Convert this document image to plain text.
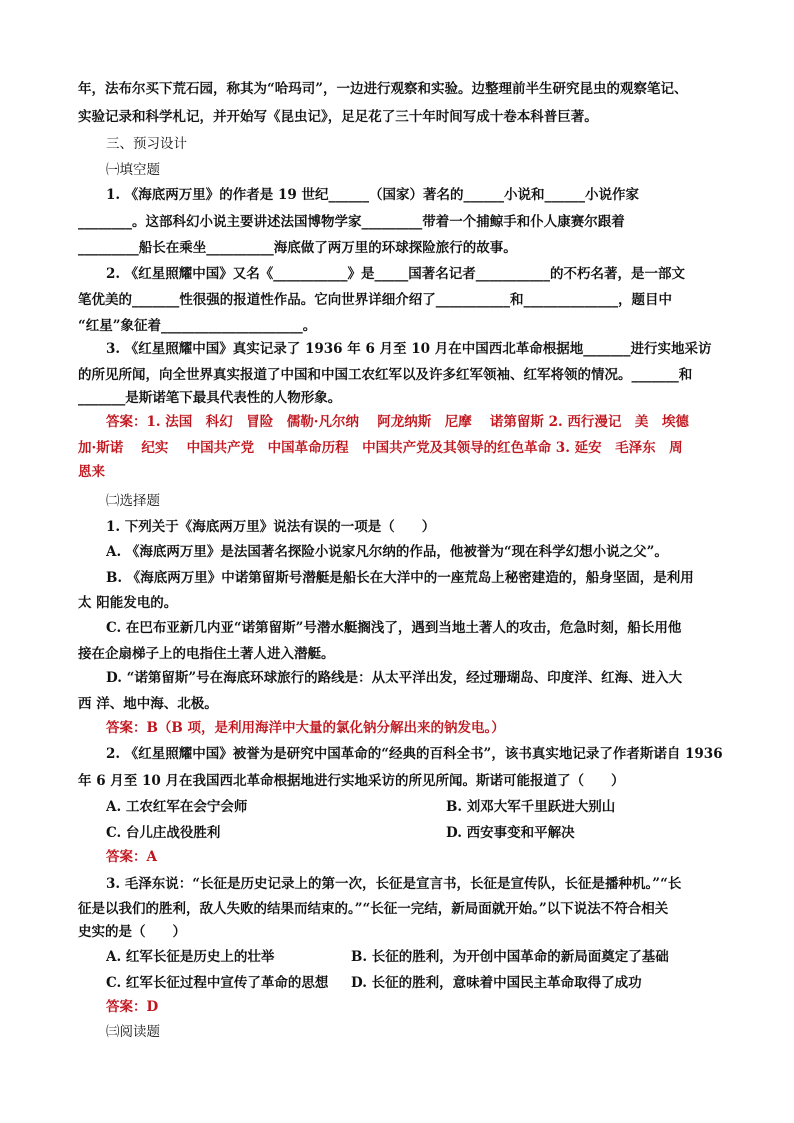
年，法布尔买下荒石园，称其为“哈玛司”，一边进行观察和实验。边整理前半生研究昆虫的观察笔记、
实验记录和科学札记，并开始写《昆虫记》，足足花了三十年时间写成十卷本科普巨著。
三、预习设计
㈠填空题
1. 《海底两万里》的作者是 19 世纪______（国家）著名的______小说和______小说作家
________。这部科幻小说主要讲述法国博物学家_________带着一个捕鲸手和仆人康赛尔跟着
_________船长在乘坐__________海底做了两万里的环球探险旅行的故事。
2. 《红星照耀中国》又名《___________》是_____国著名记者___________的不朽名著，是一部文
笔优美的_______性很强的报道性作品。它向世界详细介绍了___________和______________，题目中
“红星”象征着_____________________。
3. 《红星照耀中国》真实记录了 1936 年 6 月至 10 月在中国西北革命根据地_______进行实地采访
的所见所闻，向全世界真实报道了中国和中国工农红军以及许多红军领袖、红军将领的情况。_______和
_______是斯诺笔下最具代表性的人物形象。
答案：1. 法国　科幻　冒险　儒勒·凡尔纳　 阿龙纳斯　尼摩　 诺第留斯 2. 西行漫记　美　埃德
加·斯诺　 纪实　 中国共产党　中国革命历程　中国共产党及其领导的红色革命 3. 延安　毛泽东　周
恩来
㈡选择题
1. 下列关于《海底两万里》说法有误的一项是（　　）
A. 《海底两万里》是法国著名探险小说家凡尔纳的作品，他被誉为“现在科学幻想小说之父”。
B. 《海底两万里》中诺第留斯号潜艇是船长在大洋中的一座荒岛上秘密建造的，船身坚固，是利用
太 阳能发电的。
C. 在巴布亚新几内亚“诺第留斯”号潜水艇搁浅了，遇到当地土著人的攻击，危急时刻，船长用他
接在企扇梯子上的电指住土著人进入潜艇。
D. “诺第留斯”号在海底环球旅行的路线是：从太平洋出发，经过珊瑚岛、印度洋、红海、进入大
西 洋、地中海、北极。
答案：B（B 项，是利用海洋中大量的氯化钠分解出来的钠发电。）
2. 《红星照耀中国》被誉为是研究中国革命的“经典的百科全书”，该书真实地记录了作者斯诺自 1936
年 6 月至 10 月在我国西北革命根据地进行实地采访的所见所闻。斯诺可能报道了（　　）
A. 工农红军在会宁会师	B. 刘邓大军千里跃进大别山
C. 台儿庄战役胜利	D. 西安事变和平解决
答案：A
3. 毛泽东说：“长征是历史记录上的第一次，长征是宣言书，长征是宣传队，长征是播种机。”“长
征是以我们的胜利，敌人失败的结果而结束的。”“长征一完结，新局面就开始。”以下说法不符合相关
史实的是（　　）
A. 红军长征是历史上的壮举	B. 长征的胜利，为开创中国革命的新局面奠定了基础
C. 红军长征过程中宣传了革命的思想 D. 长征的胜利，意味着中国民主革命取得了成功
答案：D
㈢阅读题
